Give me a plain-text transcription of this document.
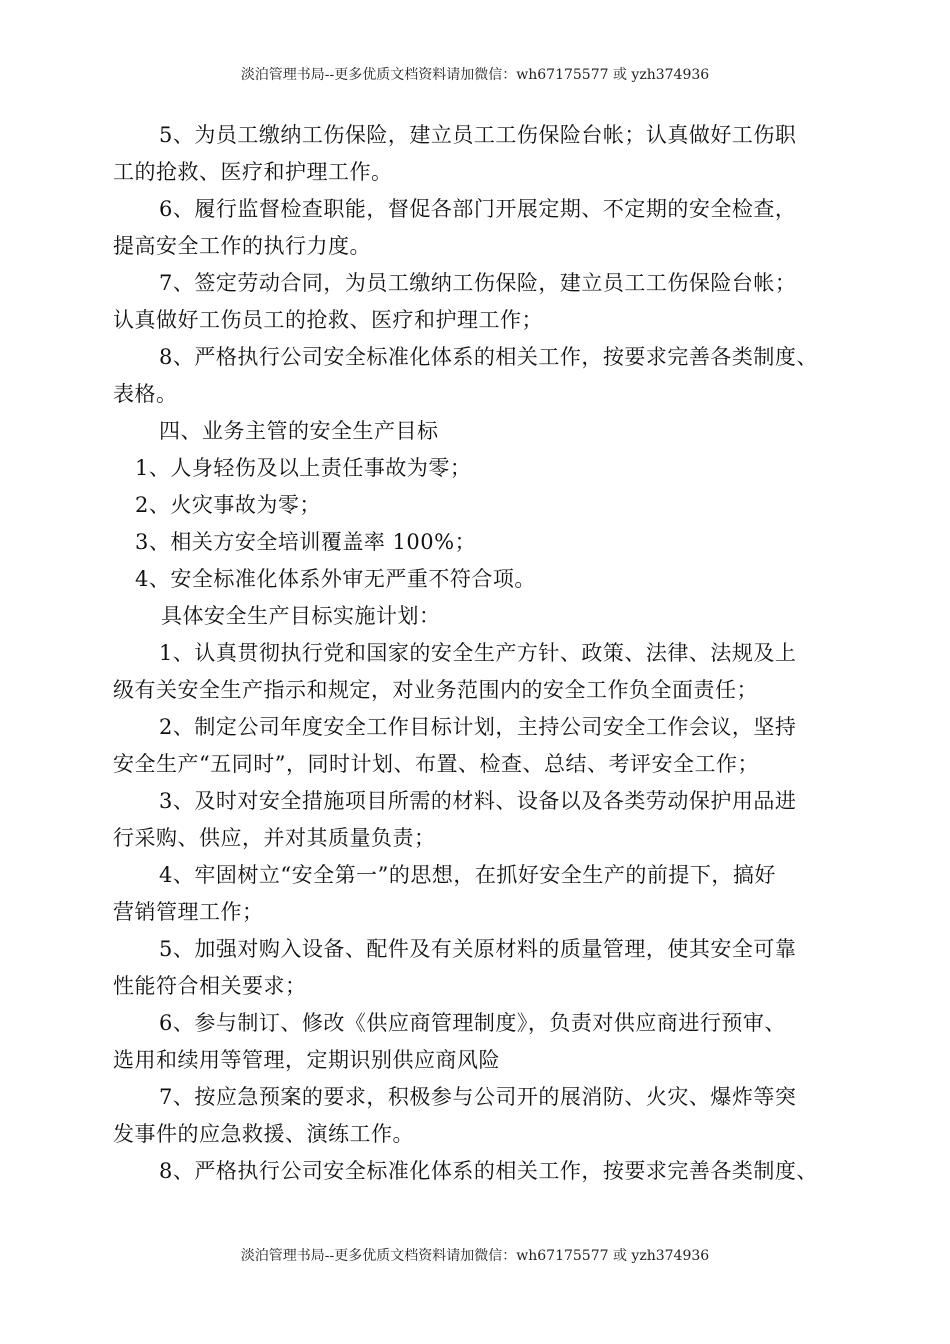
淡泊管理书局--更多优质文档资料请加微信：wh67175577 或 yzh374936

5、为员工缴纳工伤保险，建立员工工伤保险台帐；认真做好工伤职

工的抢救、医疗和护理工作。

6、履行监督检查职能，督促各部门开展定期、不定期的安全检查，

提高安全工作的执行力度。

7、签定劳动合同，为员工缴纳工伤保险，建立员工工伤保险台帐；

认真做好工伤员工的抢救、医疗和护理工作；

8、严格执行公司安全标准化体系的相关工作，按要求完善各类制度、

表格。

四、业务主管的安全生产目标

1、人身轻伤及以上责任事故为零；

2、火灾事故为零；

3、相关方安全培训覆盖率 100%；

4、安全标准化体系外审无严重不符合项。

具体安全生产目标实施计划：

1、认真贯彻执行党和国家的安全生产方针、政策、法律、法规及上

级有关安全生产指示和规定，对业务范围内的安全工作负全面责任；

2、制定公司年度安全工作目标计划，主持公司安全工作会议，坚持

安全生产“五同时”，同时计划、布置、检查、总结、考评安全工作；

3、及时对安全措施项目所需的材料、设备以及各类劳动保护用品进

行采购、供应，并对其质量负责；

4、牢固树立“安全第一”的思想，在抓好安全生产的前提下，搞好

营销管理工作；

5、加强对购入设备、配件及有关原材料的质量管理，使其安全可靠

性能符合相关要求；

6、参与制订、修改《供应商管理制度》，负责对供应商进行预审、

选用和续用等管理，定期识别供应商风险

7、按应急预案的要求，积极参与公司开的展消防、火灾、爆炸等突

发事件的应急救援、演练工作。

8、严格执行公司安全标准化体系的相关工作，按要求完善各类制度、

淡泊管理书局--更多优质文档资料请加微信：wh67175577 或 yzh374936
